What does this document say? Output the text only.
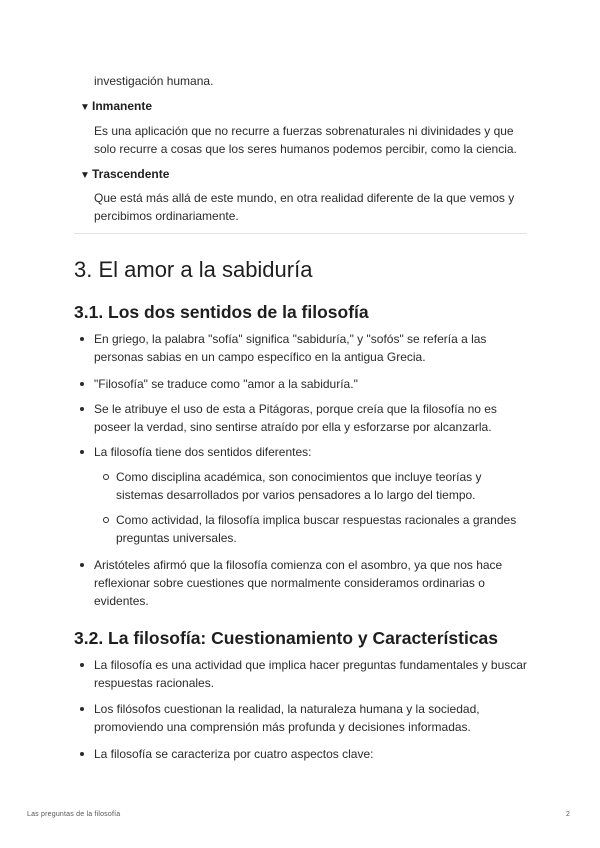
investigación humana.
▼ Inmanente
Es una aplicación que no recurre a fuerzas sobrenaturales ni divinidades y que solo recurre a cosas que los seres humanos podemos percibir, como la ciencia.
▼ Trascendente
Que está más allá de este mundo, en otra realidad diferente de la que vemos y percibimos ordinariamente.
3. El amor a la sabiduría
3.1. Los dos sentidos de la filosofía
En griego, la palabra "sofía" significa "sabiduría," y "sofós" se refería a las personas sabias en un campo específico en la antigua Grecia.
"Filosofía" se traduce como "amor a la sabiduría."
Se le atribuye el uso de esta a Pitágoras, porque creía que la filosofía no es poseer la verdad, sino sentirse atraído por ella y esforzarse por alcanzarla.
La filosofía tiene dos sentidos diferentes:
Como disciplina académica, son conocimientos que incluye teorías y sistemas desarrollados por varios pensadores a lo largo del tiempo.
Como actividad, la filosofía implica buscar respuestas racionales a grandes preguntas universales.
Aristóteles afirmó que la filosofía comienza con el asombro, ya que nos hace reflexionar sobre cuestiones que normalmente consideramos ordinarias o evidentes.
3.2. La filosofía: Cuestionamiento y Características
La filosofía es una actividad que implica hacer preguntas fundamentales y buscar respuestas racionales.
Los filósofos cuestionan la realidad, la naturaleza humana y la sociedad, promoviendo una comprensión más profunda y decisiones informadas.
La filosofía se caracteriza por cuatro aspectos clave:
Las preguntas de la filosofía	2
